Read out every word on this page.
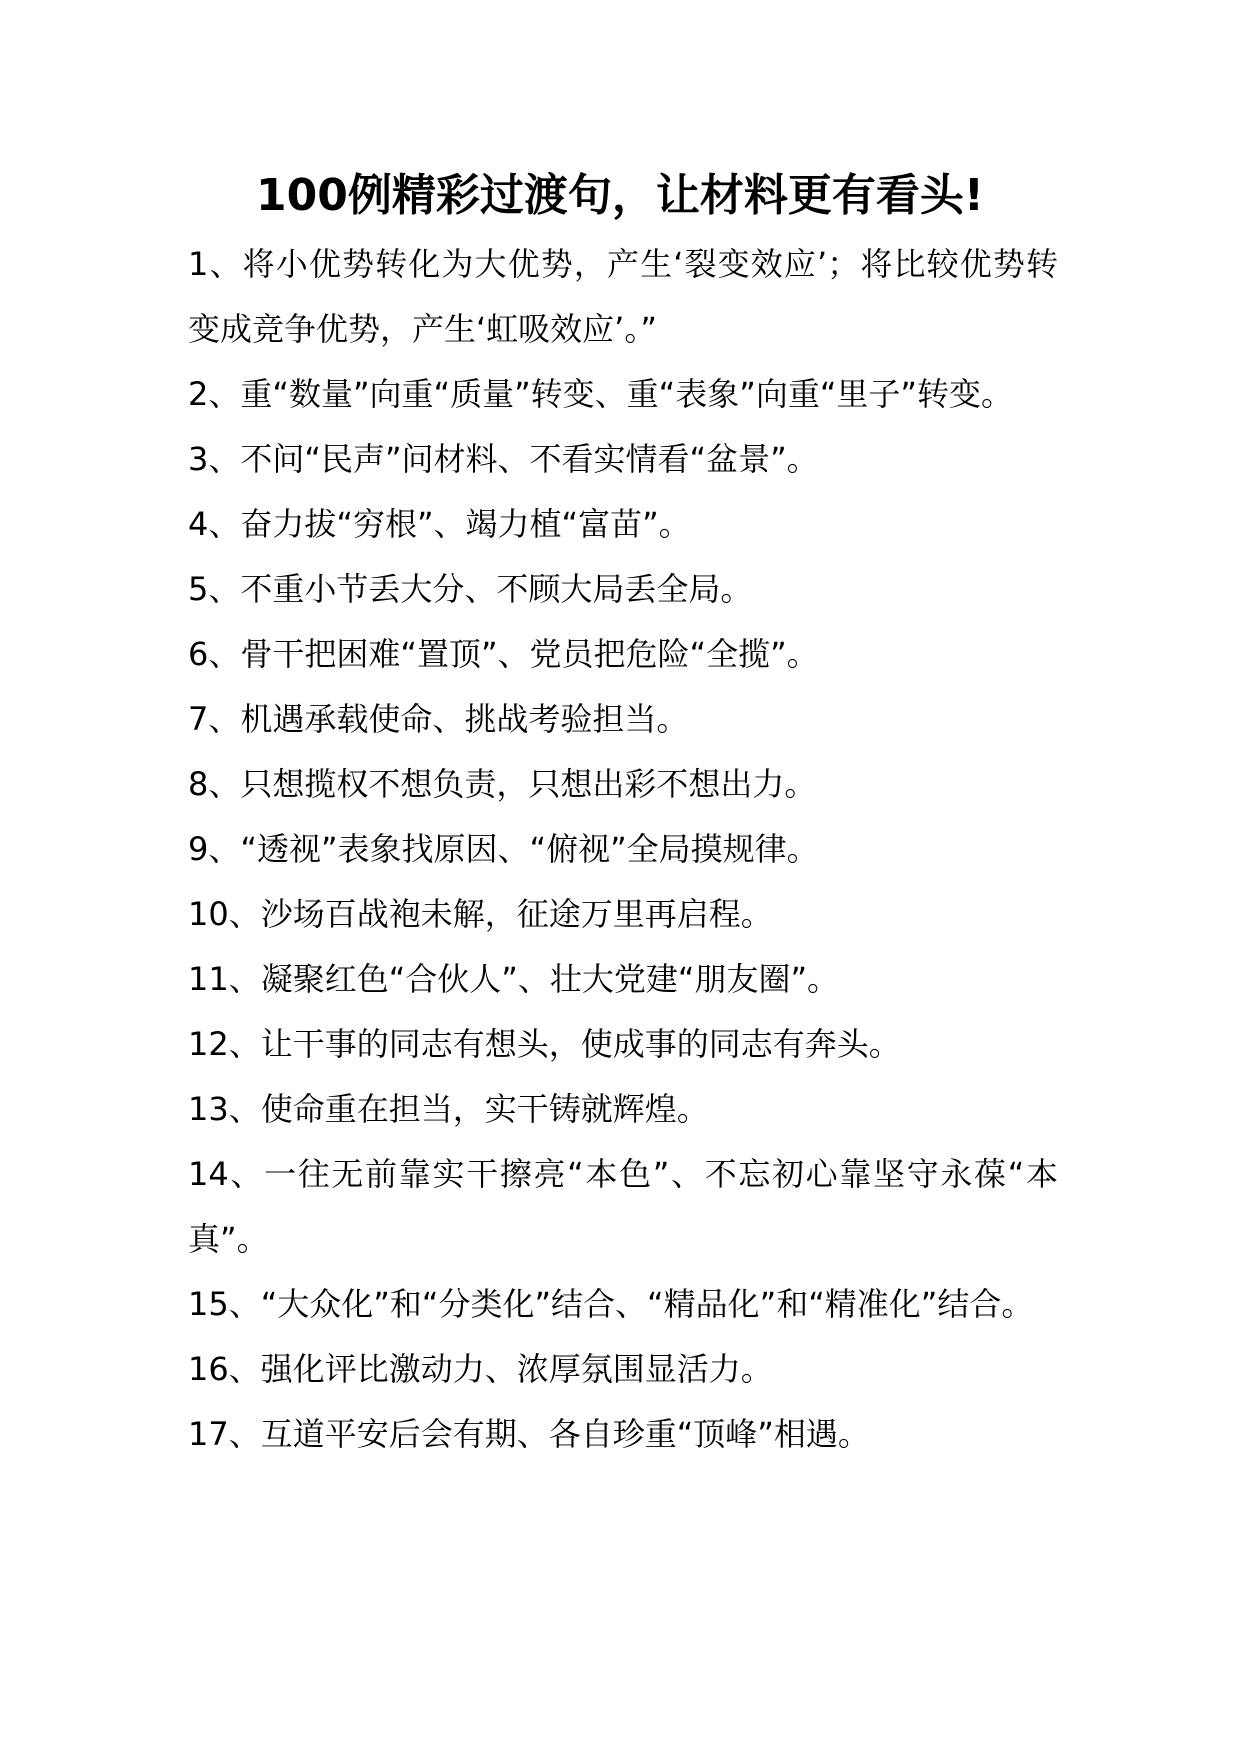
100例精彩过渡句，让材料更有看头!
1、将小优势转化为大优势，产生‘裂变效应’；将比较优势转变成竞争优势，产生‘虹吸效应’。”
2、重“数量”向重“质量”转变、重“表象”向重“里子”转变。
3、不问“民声”问材料、不看实情看“盆景”。
4、奋力拔“穷根”、竭力植“富苗”。
5、不重小节丢大分、不顾大局丢全局。
6、骨干把困难“置顶”、党员把危险“全揽”。
7、机遇承载使命、挑战考验担当。
8、只想揽权不想负责，只想出彩不想出力。
9、“透视”表象找原因、“俯视”全局摸规律。
10、沙场百战袍未解，征途万里再启程。
11、凝聚红色“合伙人”、壮大党建“朋友圈”。
12、让干事的同志有想头，使成事的同志有奔头。
13、使命重在担当，实干铸就辉煌。
14、一往无前靠实干擦亮“本色”、不忘初心靠坚守永葆“本真”。
15、“大众化”和“分类化”结合、“精品化”和“精准化”结合。
16、强化评比激动力、浓厚氛围显活力。
17、互道平安后会有期、各自珍重“顶峰”相遇。
